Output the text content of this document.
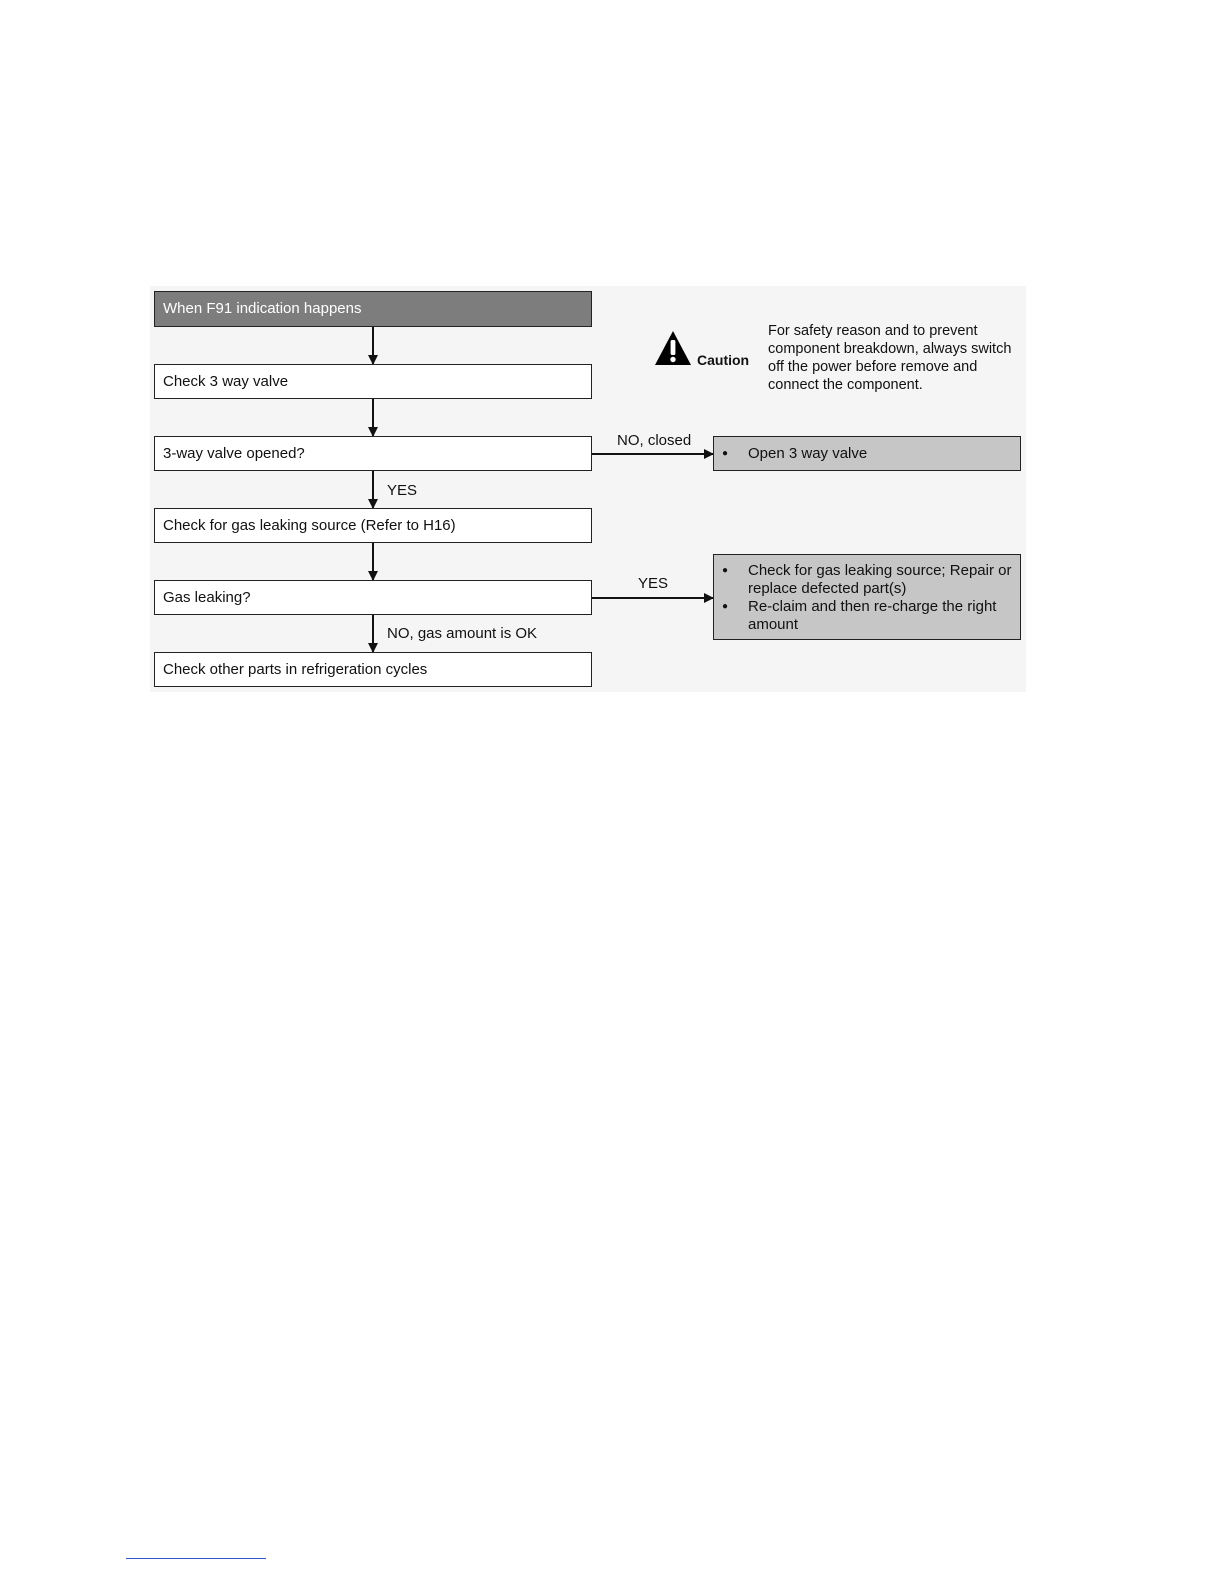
When F91 indication happens
Check 3 way valve
3-way valve opened?
Check for gas leaking source (Refer to H16)
Gas leaking?
Check other parts in refrigeration cycles
● Open 3 way valve
● Check for gas leaking source; Repair or replace defected part(s)
● Re-claim and then re-charge the right amount
NO, closed
YES
YES
NO, gas amount is OK
Caution
For safety reason and to prevent
component breakdown, always switch
off the power before remove and
connect the component.
